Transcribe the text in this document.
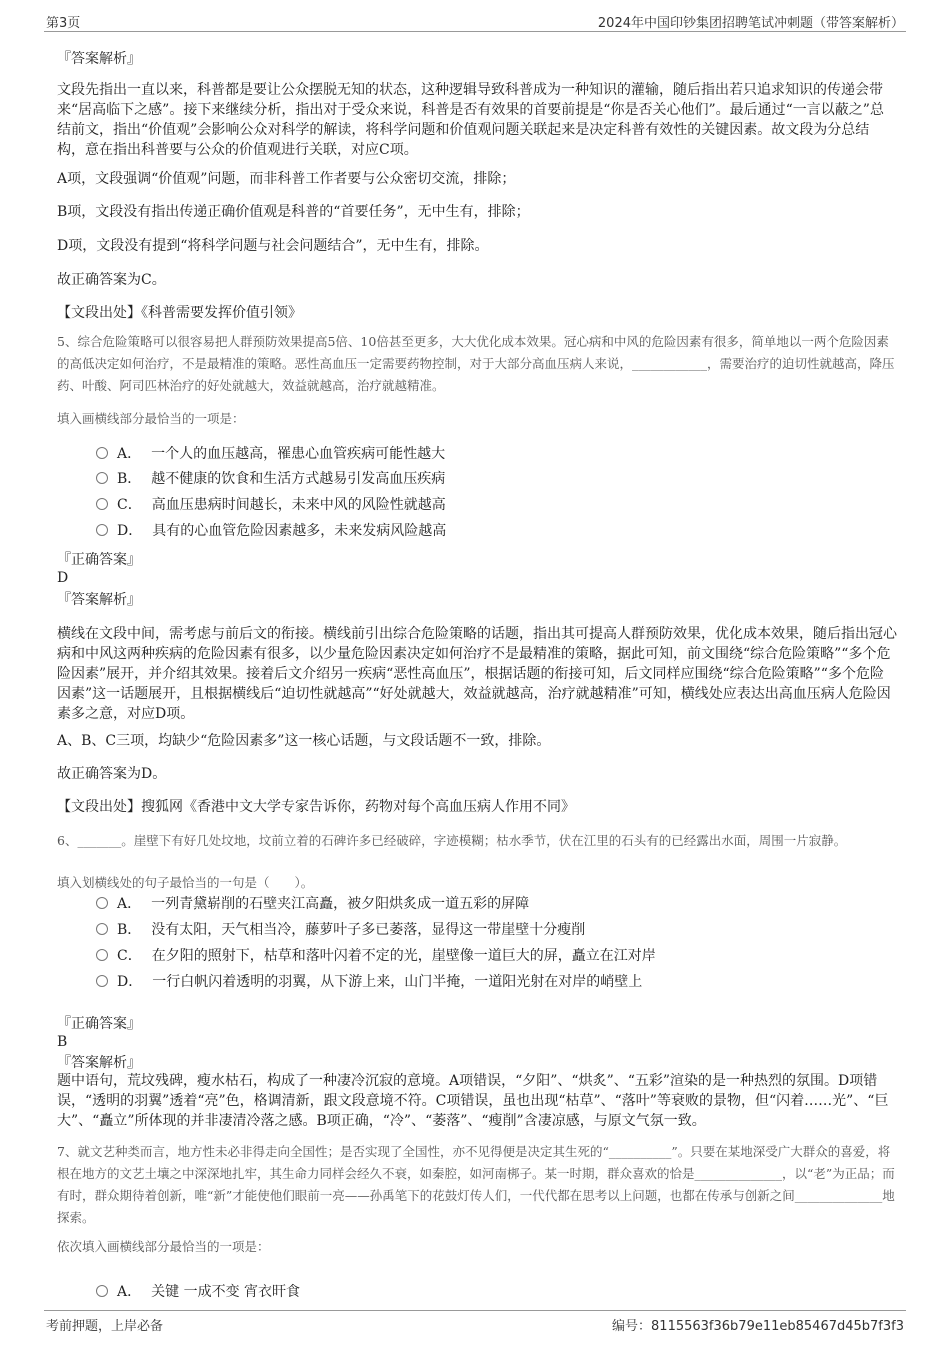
第3页	2024年中国印钞集团招聘笔试冲刺题（带答案解析）
『答案解析』
文段先指出一直以来，科普都是要让公众摆脱无知的状态，这种逻辑导致科普成为一种知识的灌输，随后指出若只追求知识的传递会带来“居高临下之感”。接下来继续分析，指出对于受众来说，科普是否有效果的首要前提是“你是否关心他们”。最后通过“一言以蔽之”总结前文，指出“价值观”会影响公众对科学的解读，将科学问题和价值观问题关联起来是决定科普有效性的关键因素。故文段为分总结构，意在指出科普要与公众的价值观进行关联，对应C项。
A项，文段强调“价值观”问题，而非科普工作者要与公众密切交流，排除；
B项，文段没有指出传递正确价值观是科普的“首要任务”，无中生有，排除；
D项，文段没有提到“将科学问题与社会问题结合”，无中生有，排除。
故正确答案为C。
【文段出处】《科普需要发挥价值引领》
5、综合危险策略可以很容易把人群预防效果提高5倍、10倍甚至更多，大大优化成本效果。冠心病和中风的危险因素有很多，简单地以一两个危险因素的高低决定如何治疗，不是最精准的策略。恶性高血压一定需要药物控制，对于大部分高血压病人来说，____________，需要治疗的迫切性就越高，降压药、叶酸、阿司匹林治疗的好处就越大，效益就越高，治疗就越精准。
填入画横线部分最恰当的一项是：
A． 一个人的血压越高，罹患心血管疾病可能性越大
B． 越不健康的饮食和生活方式越易引发高血压疾病
C． 高血压患病时间越长，未来中风的风险性就越高
D． 具有的心血管危险因素越多，未来发病风险越高
『正确答案』
D
『答案解析』
横线在文段中间，需考虑与前后文的衔接。横线前引出综合危险策略的话题，指出其可提高人群预防效果，优化成本效果，随后指出冠心病和中风这两种疾病的危险因素有很多，以少量危险因素决定如何治疗不是最精准的策略，据此可知，前文围绕“综合危险策略”“多个危险因素”展开，并介绍其效果。接着后文介绍另一疾病“恶性高血压”，根据话题的衔接可知，后文同样应围绕“综合危险策略”“多个危险因素”这一话题展开，且根据横线后“迫切性就越高”“好处就越大，效益就越高，治疗就越精准”可知，横线处应表达出高血压病人危险因素多之意，对应D项。
A、B、C三项，均缺少“危险因素多”这一核心话题，与文段话题不一致，排除。
故正确答案为D。
【文段出处】搜狐网《香港中文大学专家告诉你，药物对每个高血压病人作用不同》
6、_______。崖壁下有好几处坟地，坟前立着的石碑许多已经破碎，字迹模糊；枯水季节，伏在江里的石头有的已经露出水面，周围一片寂静。
填入划横线处的句子最恰当的一句是（　　）。
A． 一列青黛崭削的石壁夹江高矗，被夕阳烘炙成一道五彩的屏障
B． 没有太阳，天气相当冷，藤萝叶子多已萎落，显得这一带崖壁十分瘦削
C． 在夕阳的照射下，枯草和落叶闪着不定的光，崖壁像一道巨大的屏，矗立在江对岸
D． 一行白帆闪着透明的羽翼，从下游上来，山门半掩，一道阳光射在对岸的峭壁上
『正确答案』
B
『答案解析』
题中语句，荒坟残碑，瘦水枯石，构成了一种凄冷沉寂的意境。A项错误，“夕阳”、“烘炙”、“五彩”渲染的是一种热烈的氛围。D项错误，“透明的羽翼”透着“亮”色，格调清新，跟文段意境不符。C项错误，虽也出现“枯草”、“落叶”等衰败的景物，但“闪着……光”、“巨大”、“矗立”所体现的并非凄清冷落之感。B项正确，“冷”、“萎落”、“瘦削”含凄凉感，与原文气氛一致。
7、就文艺种类而言，地方性未必非得走向全国性；是否实现了全国性，亦不见得便是决定其生死的“__________”。只要在某地深受广大群众的喜爱，将根在地方的文艺土壤之中深深地扎牢，其生命力同样会经久不衰，如秦腔，如河南梆子。某一时期，群众喜欢的恰是______________，以“老”为正品；而有时，群众期待着创新，唯“新”才能使他们眼前一亮——孙禹笔下的花鼓灯传人们，一代代都在思考以上问题，也都在传承与创新之间______________地探索。
依次填入画横线部分最恰当的一项是：
A． 关键 一成不变 宵衣旰食
考前押题，上岸必备	编号：8115563f36b79e11eb85467d45b7f3f3
